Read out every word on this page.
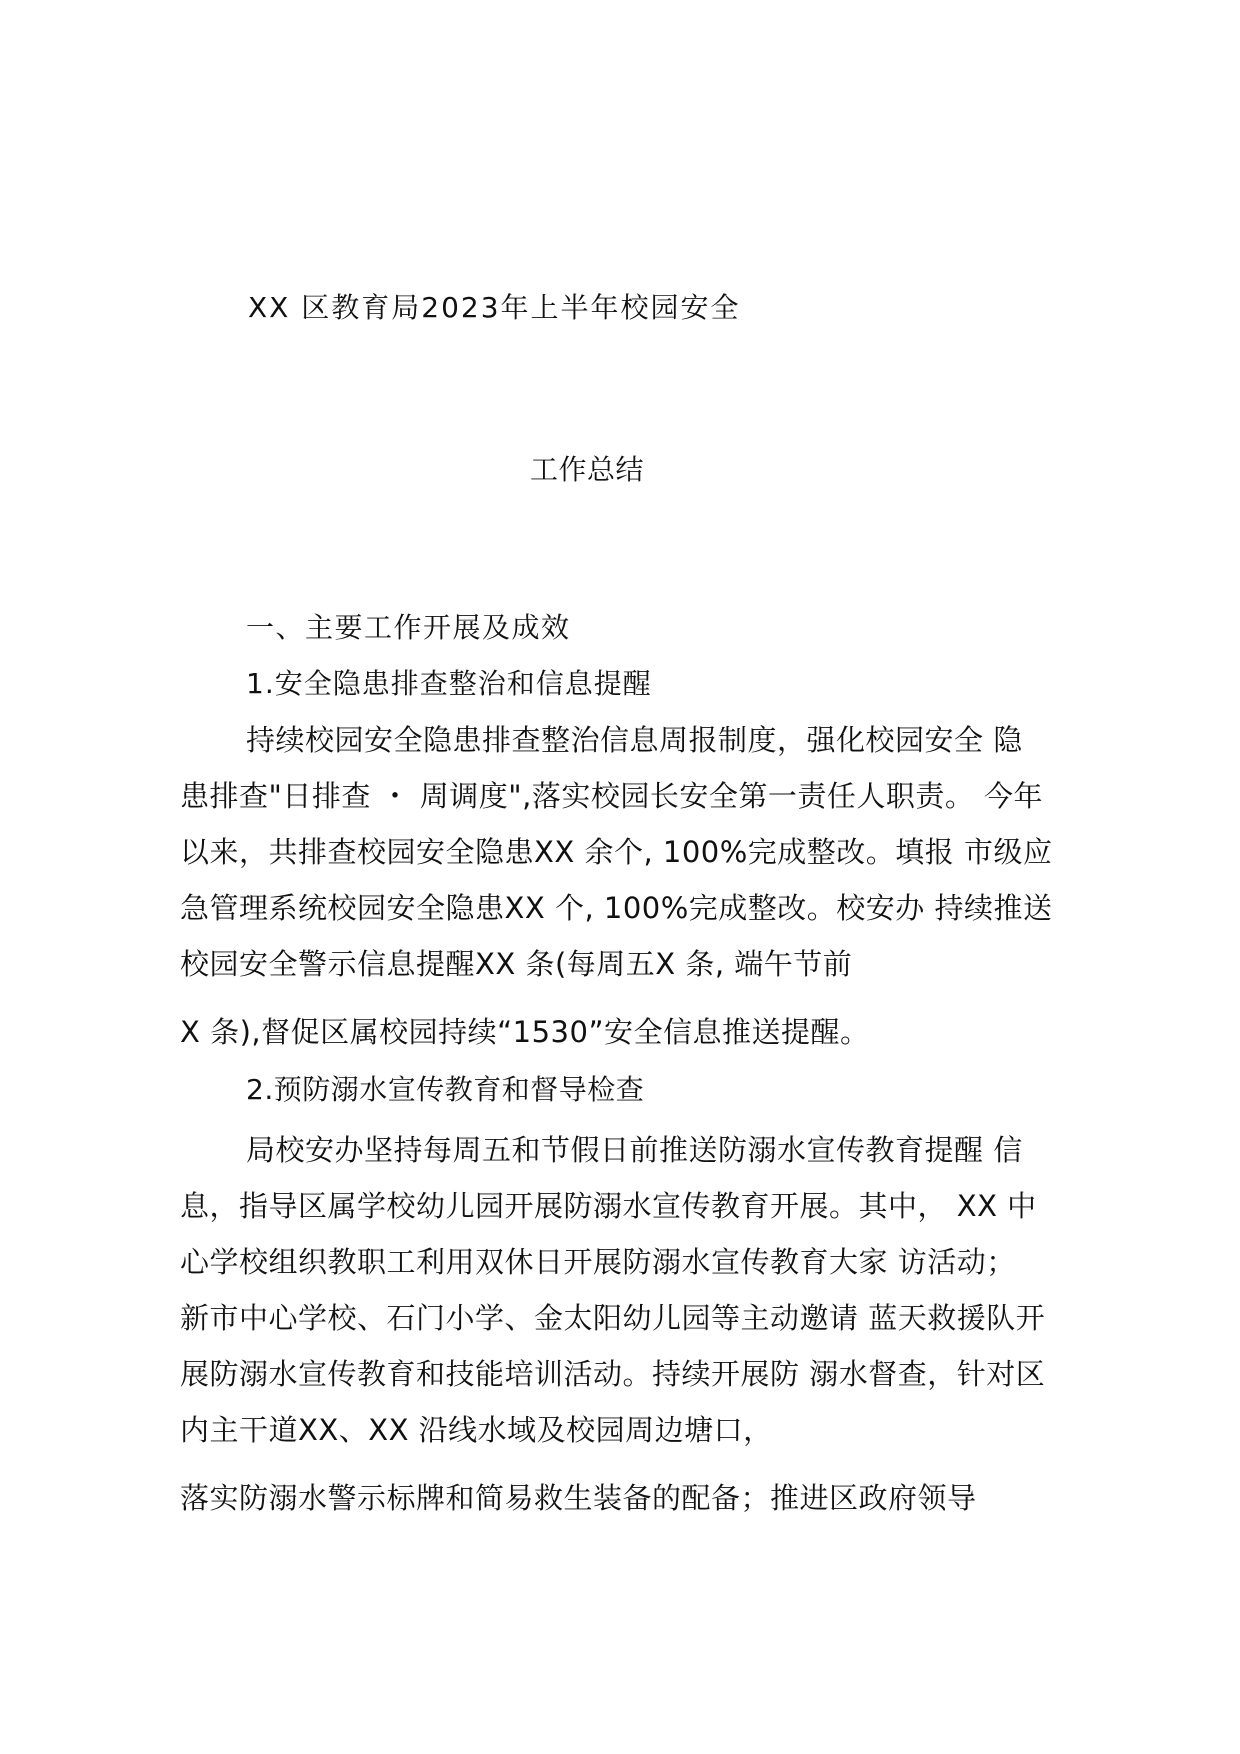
XX 区教育局2023年上半年校园安全
工作总结
一、主要工作开展及成效
1.安全隐患排查整治和信息提醒
持续校园安全隐患排查整治信息周报制度，强化校园安全 隐
患排查"日排查 ・ 周调度",落实校园长安全第一责任人职责。 今年
以来，共排查校园安全隐患XX 余个, 100%完成整改。填报 市级应
急管理系统校园安全隐患XX 个, 100%完成整改。校安办 持续推送
校园安全警示信息提醒XX 条(每周五X 条, 端午节前
X 条),督促区属校园持续“1530”安全信息推送提醒。
2.预防溺水宣传教育和督导检查
局校安办坚持每周五和节假日前推送防溺水宣传教育提醒 信
息，指导区属学校幼儿园开展防溺水宣传教育开展。其中， XX 中
心学校组织教职工利用双休日开展防溺水宣传教育大家 访活动；
新市中心学校、石门小学、金太阳幼儿园等主动邀请 蓝天救援队开
展防溺水宣传教育和技能培训活动。持续开展防 溺水督查，针对区
内主干道XX、XX 沿线水域及校园周边塘口，
落实防溺水警示标牌和简易救生装备的配备；推进区政府领导
